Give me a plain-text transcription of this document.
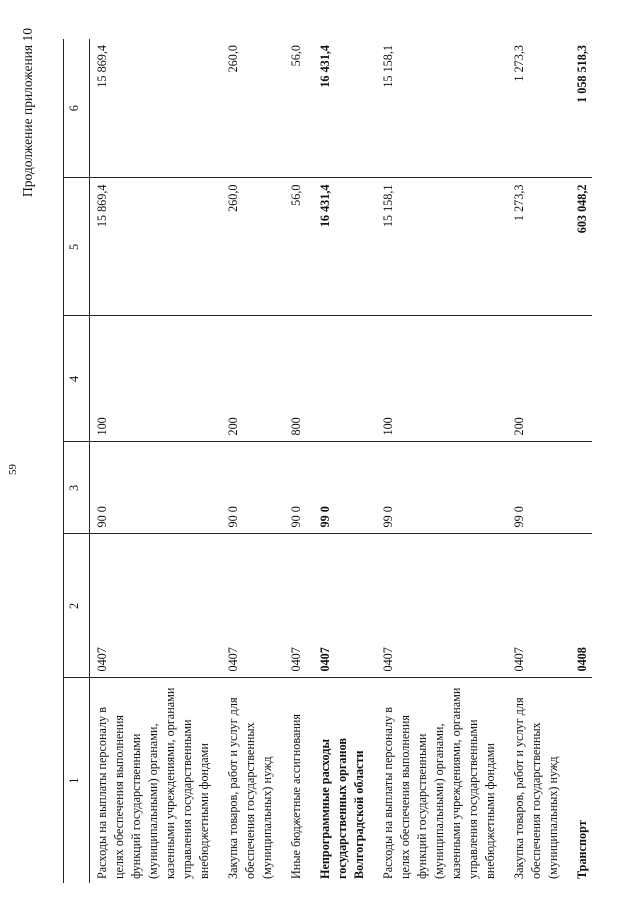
59
Продолжение приложения 10
1	2	3	4	5	6
Расходы на выплаты персоналу в целях обеспечения выполнения функций государственными (муниципальными) органами, казенными учреждениями, органами управления государственными внебюджетными фондами	0407	90 0	100	15 869,4	15 869,4
Закупка товаров, работ и услуг для обеспечения государственных (муниципальных) нужд	0407	90 0	200	260,0	260,0
Иные бюджетные ассигнования	0407	90 0	800	56,0	56,0
Непрограммные расходы государственных органов Волгоградской области	0407	99 0		16 431,4	16 431,4
Расходы на выплаты персоналу в целях обеспечения выполнения функций государственными (муниципальными) органами, казенными учреждениями, органами управления государственными внебюджетными фондами	0407	99 0	100	15 158,1	15 158,1
Закупка товаров, работ и услуг для обеспечения государственных (муниципальных) нужд	0407	99 0	200	1 273,3	1 273,3
Транспорт	0408			603 048,2	1 058 518,3
